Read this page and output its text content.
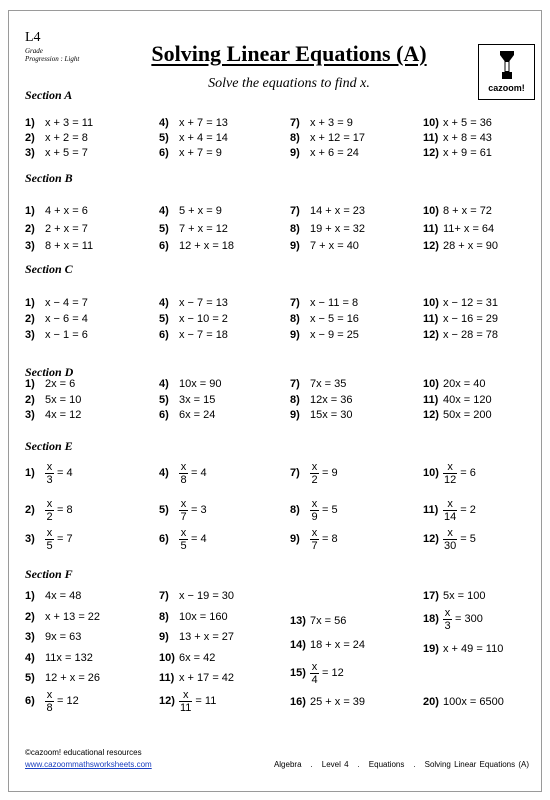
L4
Grade
Progression : Light	Solving Linear Equations (A)
Solve the equations to find x.	cazoom!
Section A
1) x + 3 = 11
2) x + 2 = 8
3) x + 5 = 7
4) x + 7 = 13
5) x + 4 = 14
6) x + 7 = 9
7) x + 3 = 9
8) x + 12 = 17
9) x + 6 = 24
10) x + 5 = 36
11) x + 8 = 43
12) x + 9 = 61
Section B
1) 4 + x = 6
2) 2 + x = 7
3) 8 + x = 11
4) 5 + x = 9
5) 7 + x = 12
6) 12 + x = 18
7) 14 + x = 23
8) 19 + x = 32
9) 7 + x = 40
10) 8 + x = 72
11) 11+ x = 64
12) 28 + x = 90
Section C
1) x − 4 = 7
2) x − 6 = 4
3) x − 1 = 6
4) x − 7 = 13
5) x − 10 = 2
6) x − 7 = 18
7) x − 11 = 8
8) x − 5 = 16
9) x − 9 = 25
10) x − 12 = 31
11) x − 16 = 29
12) x − 28 = 78
Section D
1) 2x = 6
2) 5x = 10
3) 4x = 12
4) 10x = 90
5) 3x = 15
6) 6x = 24
7) 7x = 35
8) 12x = 36
9) 15x = 30
10) 20x = 40
11) 40x = 120
12) 50x = 200
Section E
$1) \frac{x}{3} = 4$
$2) \frac{x}{2} = 8$
$3) \frac{x}{5} = 7$
$4) \frac{x}{8} = 4$
$5) \frac{x}{7} = 3$
$6) \frac{x}{5} = 4$
$7) \frac{x}{2} = 9$
$8) \frac{x}{9} = 5$
$9) \frac{x}{7} = 8$
$10) \frac{x}{12} = 6$
$11) \frac{x}{14} = 2$
$12) \frac{x}{30} = 5$
Section F
1) 4x = 48
2) x + 13 = 22
3) 9x = 63
4) 11x = 132
5) 12 + x = 26
$6) \frac{x}{8} = 12$
7) x − 19 = 30
8) 10x = 160
9) 13 + x = 27
10) 6x = 42
11) x + 17 = 42
$12) \frac{x}{11} = 11$
13) 7x = 56
14) 18 + x = 24
$15) \frac{x}{4} = 12$
16) 25 + x = 39
17) 5x = 100
$18) \frac{x}{3} = 300$
19) x + 49 = 110
20) 100x = 6500
©cazoom! educational resources
www.cazoommathsworksheets.com	Algebra . Level 4 . Equations . Solving Linear Equations (A)
